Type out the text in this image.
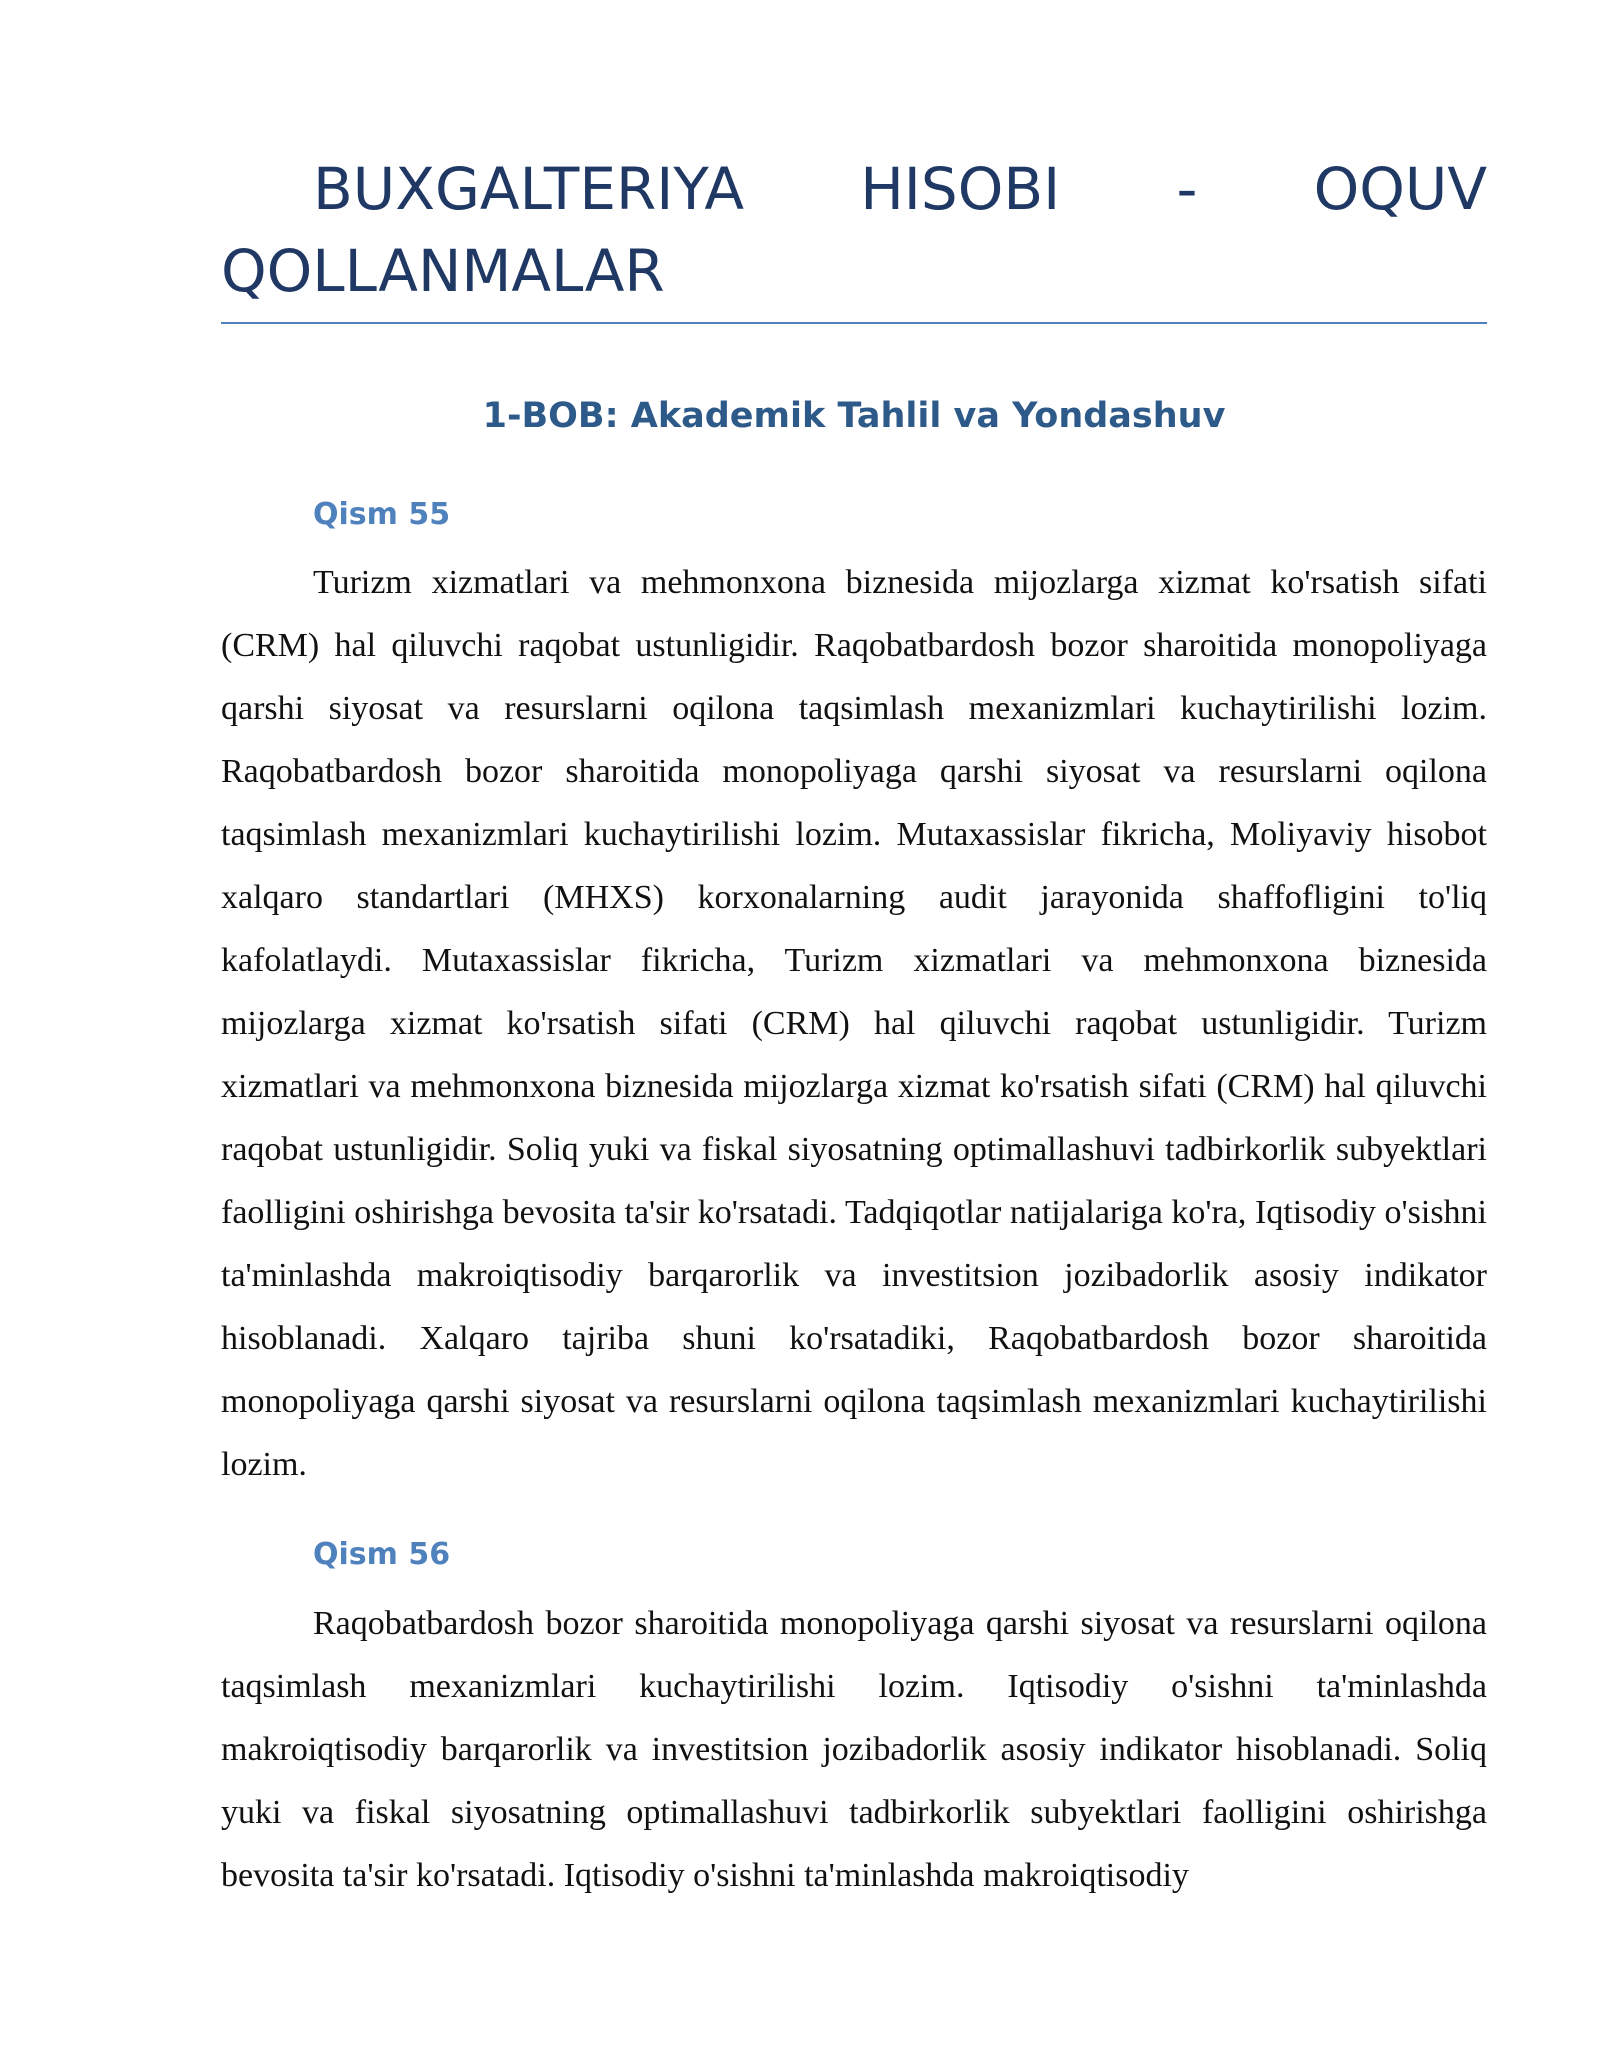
BUXGALTERIYA HISOBI - OQUV QOLLANMALAR
1-BOB: Akademik Tahlil va Yondashuv
Qism 55

Turizm xizmatlari va mehmonxona biznesida mijozlarga xizmat ko'rsatish sifati (CRM) hal qiluvchi raqobat ustunligidir. Raqobatbardosh bozor sharoitida monopoliyaga qarshi siyosat va resurslarni oqilona taqsimlash mexanizmlari kuchaytirilishi lozim. Raqobatbardosh bozor sharoitida monopoliyaga qarshi siyosat va resurslarni oqilona taqsimlash mexanizmlari kuchaytirilishi lozim. Mutaxassislar fikricha, Moliyaviy hisobot xalqaro standartlari (MHXS) korxonalarning audit jarayonida shaffofligini to'liq kafolatlaydi. Mutaxassislar fikricha, Turizm xizmatlari va mehmonxona biznesida mijozlarga xizmat ko'rsatish sifati (CRM) hal qiluvchi raqobat ustunligidir. Turizm xizmatlari va mehmonxona biznesida mijozlarga xizmat ko'rsatish sifati (CRM) hal qiluvchi raqobat ustunligidir. Soliq yuki va fiskal siyosatning optimallashuvi tadbirkorlik subyektlari faolligini oshirishga bevosita ta'sir ko'rsatadi. Tadqiqotlar natijalariga ko'ra, Iqtisodiy o'sishni ta'minlashda makroiqtisodiy barqarorlik va investitsion jozibadorlik asosiy indikator hisoblanadi. Xalqaro tajriba shuni ko'rsatadiki, Raqobatbardosh bozor sharoitida monopoliyaga qarshi siyosat va resurslarni oqilona taqsimlash mexanizmlari kuchaytirilishi lozim.

Qism 56

Raqobatbardosh bozor sharoitida monopoliyaga qarshi siyosat va resurslarni oqilona taqsimlash mexanizmlari kuchaytirilishi lozim. Iqtisodiy o'sishni ta'minlashda makroiqtisodiy barqarorlik va investitsion jozibadorlik asosiy indikator hisoblanadi. Soliq yuki va fiskal siyosatning optimallashuvi tadbirkorlik subyektlari faolligini oshirishga bevosita ta'sir ko'rsatadi. Iqtisodiy o'sishni ta'minlashda makroiqtisodiy
